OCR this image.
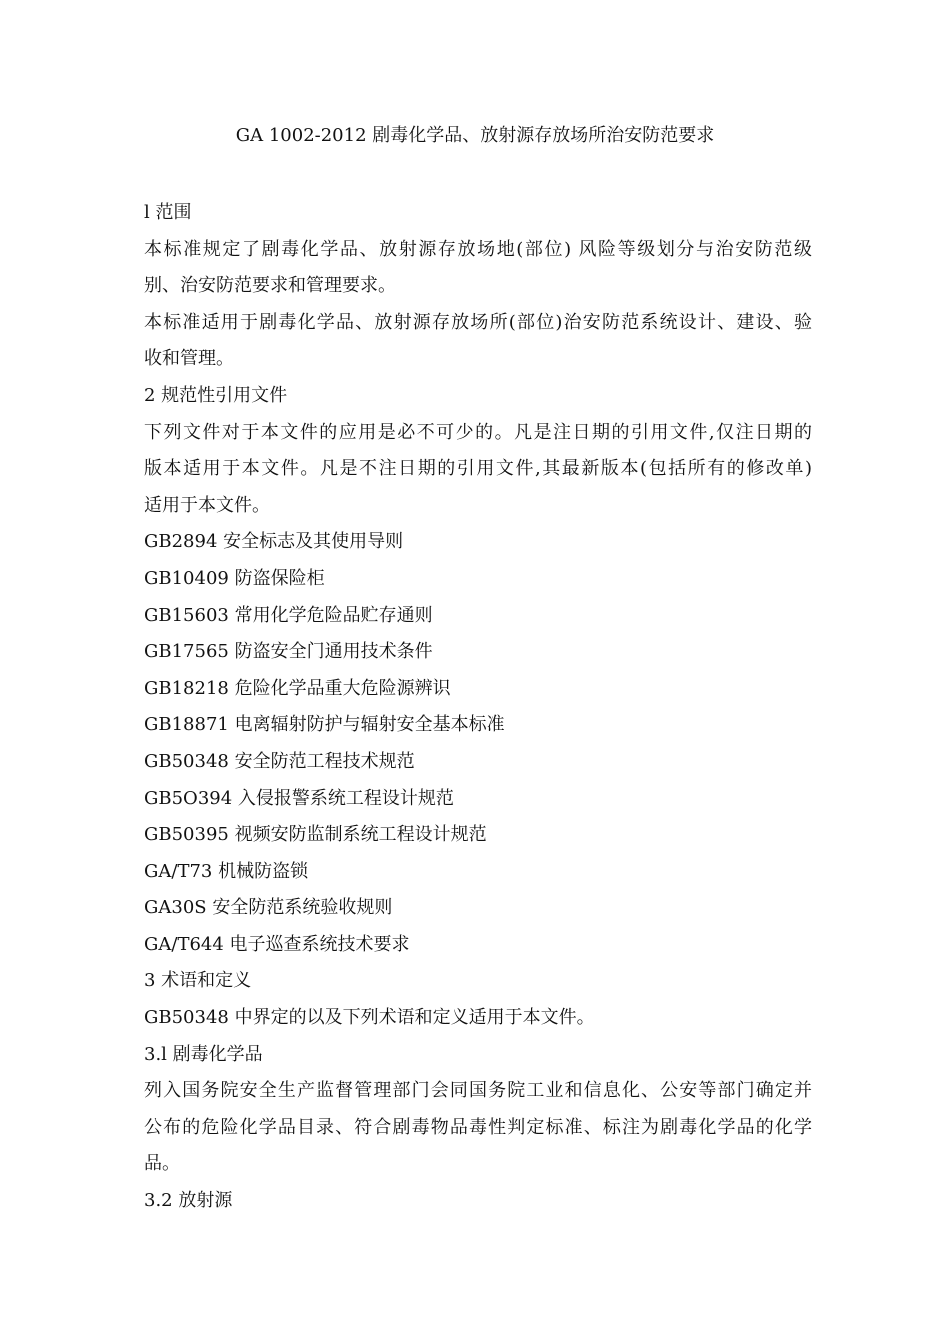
GA 1002-2012 剧毒化学品、放射源存放场所治安防范要求
l 范围
本标准规定了剧毒化学品、放射源存放场地(部位) 风险等级划分与治安防范级
别、治安防范要求和管理要求。
本标准适用于剧毒化学品、放射源存放场所(部位)治安防范系统设计、建设、验
收和管理。
2 规范性引用文件
下列文件对于本文件的应用是必不可少的。凡是注日期的引用文件,仅注日期的
版本适用于本文件。凡是不注日期的引用文件,其最新版本(包括所有的修改单)
适用于本文件。
GB2894 安全标志及其使用导则
GB10409 防盗保险柜
GB15603 常用化学危险品贮存通则
GB17565 防盗安全门通用技术条件
GB18218 危险化学品重大危险源辨识
GB18871 电离辐射防护与辐射安全基本标准
GB50348 安全防范工程技术规范
GB5O394 入侵报警系统工程设计规范
GB50395 视频安防监制系统工程设计规范
GA/T73 机械防盗锁
GA30S 安全防范系统验收规则
GA/T644 电子巡查系统技术要求
3 术语和定义
GB50348 中界定的以及下列术语和定义适用于本文件。
3.l 剧毒化学品
列入国务院安全生产监督管理部门会同国务院工业和信息化、公安等部门确定并
公布的危险化学品目录、符合剧毒物品毒性判定标准、标注为剧毒化学品的化学
品。
3.2 放射源
